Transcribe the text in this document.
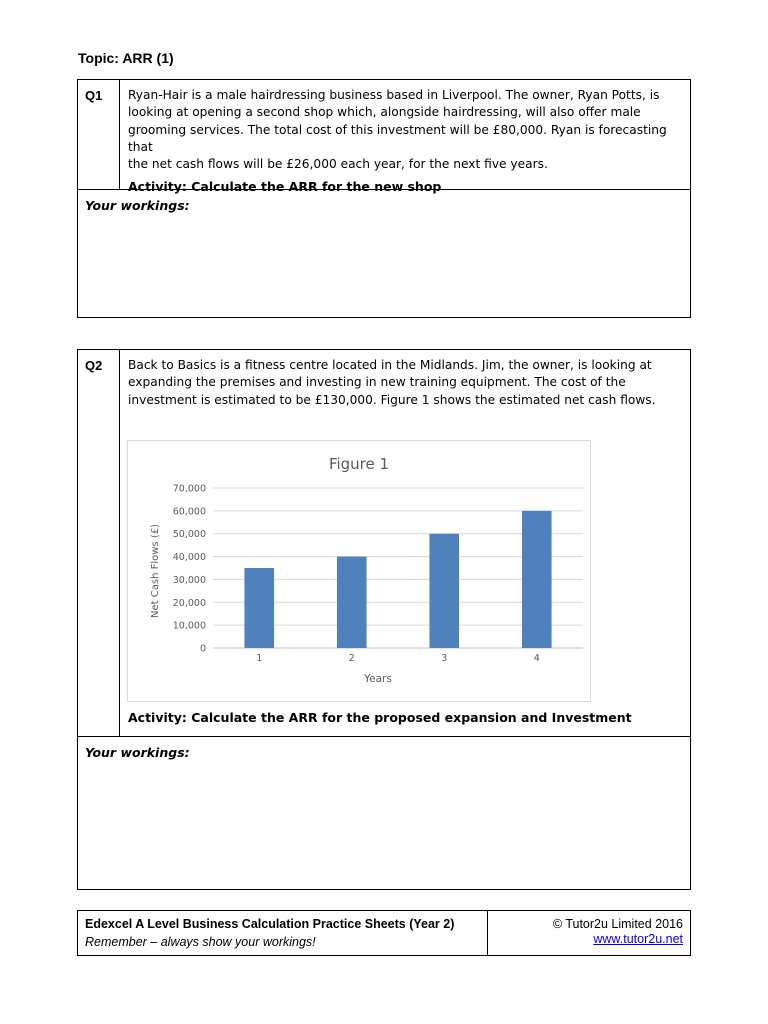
Topic: ARR (1)
Q1	Ryan-Hair is a male hairdressing business based in Liverpool. The owner, Ryan Potts, is
looking at opening a second shop which, alongside hairdressing, will also offer male
grooming services. The total cost of this investment will be £80,000. Ryan is forecasting that
the net cash flows will be £26,000 each year, for the next five years.
Activity: Calculate the ARR for the new shop
Your workings:
Q2	Back to Basics is a fitness centre located in the Midlands. Jim, the owner, is looking at
expanding the premises and investing in new training equipment. The cost of the
investment is estimated to be £130,000. Figure 1 shows the estimated net cash flows.
Activity: Calculate the ARR for the proposed expansion and Investment
Your workings:
Figure 1
0
10,000
20,000
30,000
40,000
50,000
60,000
70,000
1	2	3	4
Years
Net Cash Flows (£)
Edexcel A Level Business Calculation Practice Sheets (Year 2)
Remember – always show your workings!
© Tutor2u Limited 2016
www.tutor2u.net
